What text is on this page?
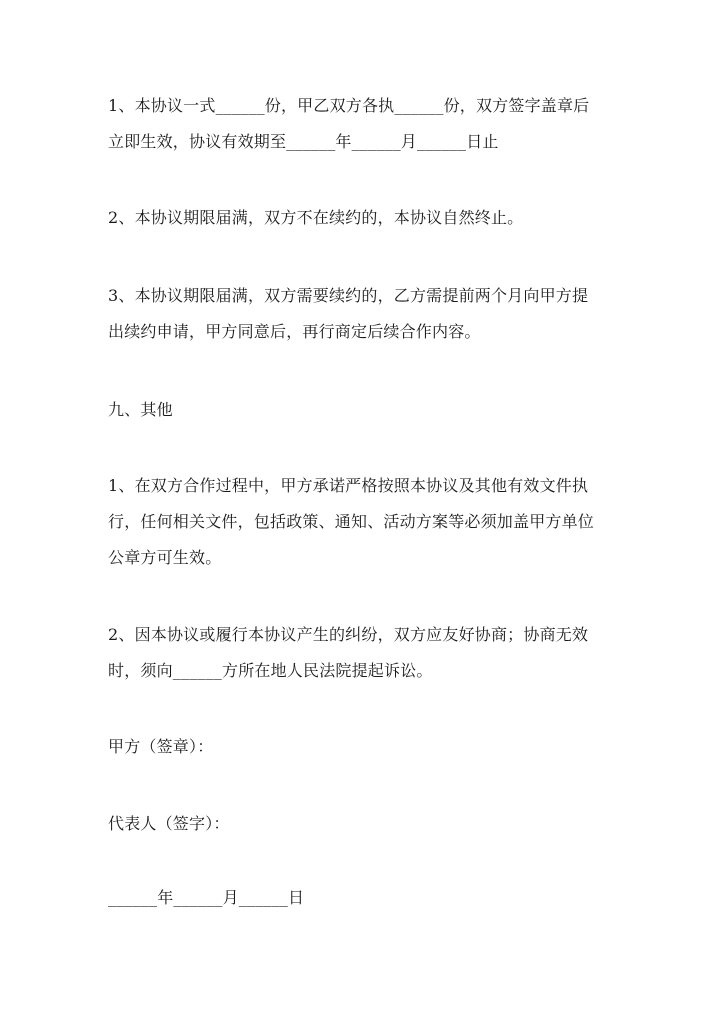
1、本协议一式______份，甲乙双方各执______份，双方签字盖章后
立即生效，协议有效期至______年______月______日止

2、本协议期限届满，双方不在续约的，本协议自然终止。

3、本协议期限届满，双方需要续约的，乙方需提前两个月向甲方提
出续约申请，甲方同意后，再行商定后续合作内容。

九、其他

1、在双方合作过程中，甲方承诺严格按照本协议及其他有效文件执
行，任何相关文件，包括政策、通知、活动方案等必须加盖甲方单位
公章方可生效。

2、因本协议或履行本协议产生的纠纷，双方应友好协商；协商无效
时，须向______方所在地人民法院提起诉讼。

甲方（签章）：

代表人（签字）：

______年______月______日
